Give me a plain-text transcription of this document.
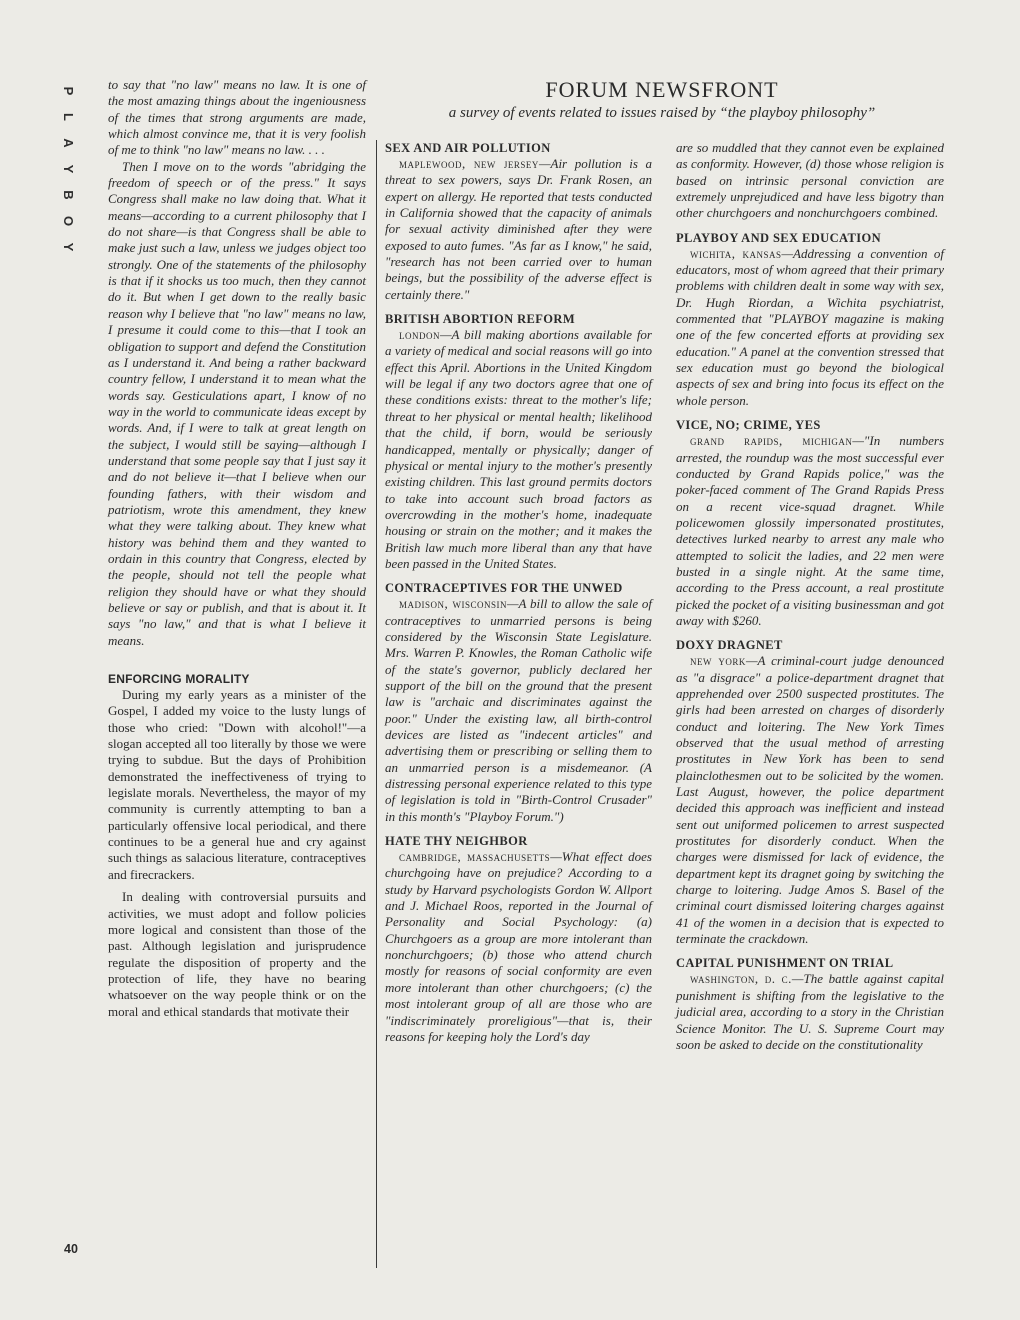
P
L
A
Y
B
O
Y
40

to say that "no law" means no law. It is one of the most amazing things about the ingeniousness of the times that strong arguments are made, which almost convince me, that it is very foolish of me to think "no law" means no law. . . .

Then I move on to the words "abridging the freedom of speech or of the press." It says Congress shall make no law doing that. What it means—according to a current philosophy that I do not share—is that Congress shall be able to make just such a law, unless we judges object too strongly. One of the statements of the philosophy is that if it shocks us too much, then they cannot do it. But when I get down to the really basic reason why I believe that "no law" means no law, I presume it could come to this—that I took an obligation to support and defend the Constitution as I understand it. And being a rather backward country fellow, I understand it to mean what the words say. Gesticulations apart, I know of no way in the world to communicate ideas except by words. And, if I were to talk at great length on the subject, I would still be saying—although I understand that some people say that I just say it and do not believe it—that I believe when our founding fathers, with their wisdom and patriotism, wrote this amendment, they knew what they were talking about. They knew what history was behind them and they wanted to ordain in this country that Congress, elected by the people, should not tell the people what religion they should have or what they should believe or say or publish, and that is about it. It says "no law," and that is what I believe it means.

ENFORCING MORALITY

During my early years as a minister of the Gospel, I added my voice to the lusty lungs of those who cried: "Down with alcohol!"—a slogan accepted all too literally by those we were trying to subdue. But the days of Prohibition demonstrated the ineffectiveness of trying to legislate morals. Nevertheless, the mayor of my community is currently attempting to ban a particularly offensive local periodical, and there continues to be a general hue and cry against such things as salacious literature, contraceptives and firecrackers.

In dealing with controversial pursuits and activities, we must adopt and follow policies more logical and consistent than those of the past. Although legislation and jurisprudence regulate the disposition of property and the protection of life, they have no bearing whatsoever on the way people think or on the moral and ethical standards that motivate their

FORUM NEWSFRONT
a survey of events related to issues raised by “the playboy philosophy”
SEX AND AIR POLLUTION

maplewood, new jersey—Air pollution is a threat to sex powers, says Dr. Frank Rosen, an expert on allergy. He reported that tests conducted in California showed that the capacity of animals for sexual activity diminished after they were exposed to auto fumes. "As far as I know," he said, "research has not been carried over to human beings, but the possibility of the adverse effect is certainly there."

BRITISH ABORTION REFORM

london—A bill making abortions available for a variety of medical and social reasons will go into effect this April. Abortions in the United Kingdom will be legal if any two doctors agree that one of these conditions exists: threat to the mother's life; threat to her physical or mental health; likelihood that the child, if born, would be seriously handicapped, mentally or physically; danger of physical or mental injury to the mother's presently existing children. This last ground permits doctors to take into account such broad factors as overcrowding in the mother's home, inadequate housing or strain on the mother; and it makes the British law much more liberal than any that have been passed in the United States.

CONTRACEPTIVES FOR THE UNWED

madison, wisconsin—A bill to allow the sale of contraceptives to unmarried persons is being considered by the Wisconsin State Legislature. Mrs. Warren P. Knowles, the Roman Catholic wife of the state's governor, publicly declared her support of the bill on the ground that the present law is "archaic and discriminates against the poor." Under the existing law, all birth-control devices are listed as "indecent articles" and advertising them or prescribing or selling them to an unmarried person is a misdemeanor. (A distressing personal experience related to this type of legislation is told in "Birth-Control Crusader" in this month's "Playboy Forum.")

HATE THY NEIGHBOR

cambridge, massachusetts—What effect does churchgoing have on prejudice? According to a study by Harvard psychologists Gordon W. Allport and J. Michael Roos, reported in the Journal of Personality and Social Psychology: (a) Churchgoers as a group are more intolerant than nonchurchgoers; (b) those who attend church mostly for reasons of social conformity are even more intolerant than other churchgoers; (c) the most intolerant group of all are those who are "indiscriminately proreligious"—that is, their reasons for keeping holy the Lord's day

are so muddled that they cannot even be explained as conformity. However, (d) those whose religion is based on intrinsic personal conviction are extremely unprejudiced and have less bigotry than other churchgoers and nonchurchgoers combined.

PLAYBOY AND SEX EDUCATION

wichita, kansas—Addressing a convention of educators, most of whom agreed that their primary problems with children dealt in some way with sex, Dr. Hugh Riordan, a Wichita psychiatrist, commented that "PLAYBOY magazine is making one of the few concerted efforts at providing sex education." A panel at the convention stressed that sex education must go beyond the biological aspects of sex and bring into focus its effect on the whole person.

VICE, NO; CRIME, YES

grand rapids, michigan—"In numbers arrested, the roundup was the most successful ever conducted by Grand Rapids police," was the poker-faced comment of The Grand Rapids Press on a recent vice-squad dragnet. While policewomen glossily impersonated prostitutes, detectives lurked nearby to arrest any male who attempted to solicit the ladies, and 22 men were busted in a single night. At the same time, according to the Press account, a real prostitute picked the pocket of a visiting businessman and got away with $260.

DOXY DRAGNET

new york—A criminal-court judge denounced as "a disgrace" a police-department dragnet that apprehended over 2500 suspected prostitutes. The girls had been arrested on charges of disorderly conduct and loitering. The New York Times observed that the usual method of arresting prostitutes in New York has been to send plainclothesmen out to be solicited by the women. Last August, however, the police department decided this approach was inefficient and instead sent out uniformed policemen to arrest suspected prostitutes for disorderly conduct. When the charges were dismissed for lack of evidence, the department kept its dragnet going by switching the charge to loitering. Judge Amos S. Basel of the criminal court dismissed loitering charges against 41 of the women in a decision that is expected to terminate the crackdown.

CAPITAL PUNISHMENT ON TRIAL

washington, d. c.—The battle against capital punishment is shifting from the legislative to the judicial area, according to a story in the Christian Science Monitor. The U. S. Supreme Court may soon be asked to decide on the constitutionality
